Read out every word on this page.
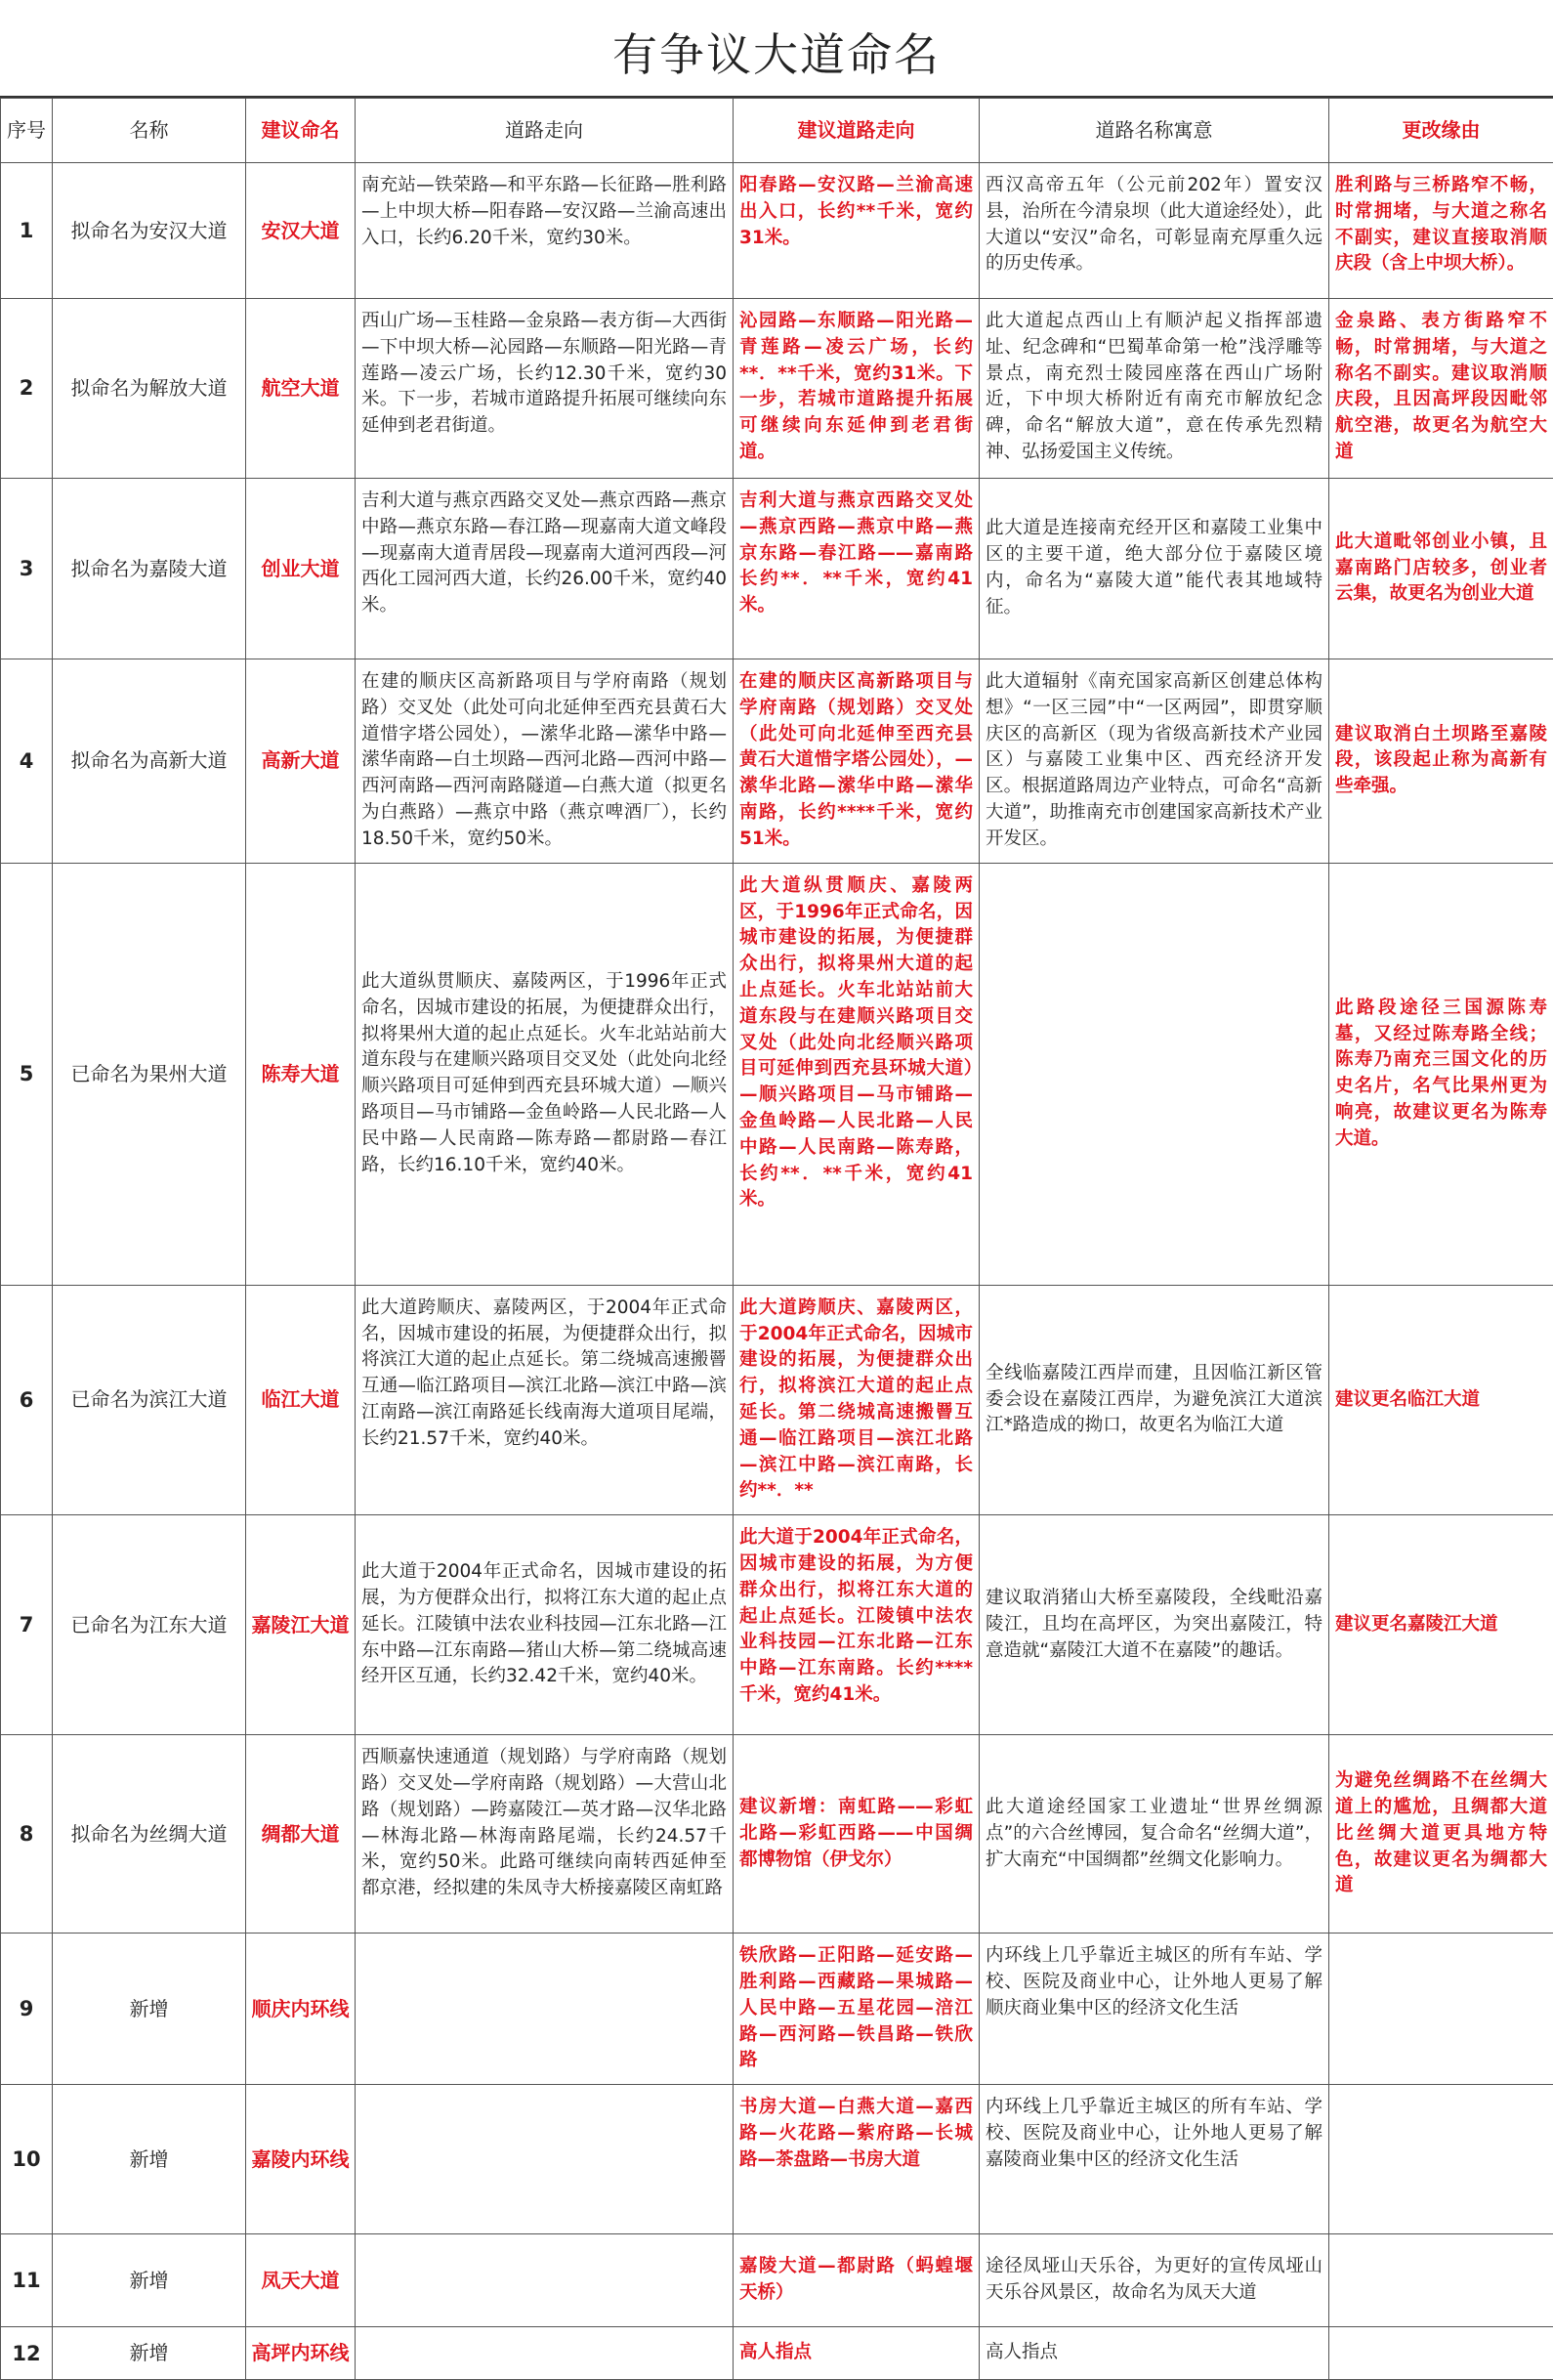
有争议大道命名
序号	名称	建议命名	道路走向	建议道路走向	道路名称寓意	更改缘由
1	拟命名为安汉大道	安汉大道	南充站—铁荣路—和平东路—长征路—胜利路—上中坝大桥—阳春路—安汉路—兰渝高速出入口，长约6.20千米，宽约30米。	阳春路—安汉路—兰渝高速出入口，长约**千米，宽约31米。	西汉高帝五年（公元前202年）置安汉县，治所在今清泉坝（此大道途经处），此大道以“安汉”命名，可彰显南充厚重久远的历史传承。	胜利路与三桥路窄不畅，时常拥堵，与大道之称名不副实，建议直接取消顺庆段（含上中坝大桥）。
2	拟命名为解放大道	航空大道	西山广场—玉桂路—金泉路—表方街—大西街—下中坝大桥—沁园路—东顺路—阳光路—青莲路—凌云广场，长约12.30千米，宽约30米。下一步，若城市道路提升拓展可继续向东延伸到老君街道。	沁园路—东顺路—阳光路—青莲路—凌云广场，长约**．**千米，宽约31米。下一步，若城市道路提升拓展可继续向东延伸到老君街道。	此大道起点西山上有顺泸起义指挥部遗址、纪念碑和“巴蜀革命第一枪”浅浮雕等景点，南充烈士陵园座落在西山广场附近，下中坝大桥附近有南充市解放纪念碑，命名“解放大道”，意在传承先烈精神、弘扬爱国主义传统。	金泉路、表方街路窄不畅，时常拥堵，与大道之称名不副实。建议取消顺庆段，且因高坪段因毗邻航空港，故更名为航空大道
3	拟命名为嘉陵大道	创业大道	吉利大道与燕京西路交叉处—燕京西路—燕京中路—燕京东路—春江路—现嘉南大道文峰段—现嘉南大道青居段—现嘉南大道河西段—河西化工园河西大道，长约26.00千米，宽约40米。	吉利大道与燕京西路交叉处—燕京西路—燕京中路—燕京东路—春江路——嘉南路　长约**．**千米，宽约41米。	此大道是连接南充经开区和嘉陵工业集中区的主要干道，绝大部分位于嘉陵区境内，命名为“嘉陵大道”能代表其地域特征。	此大道毗邻创业小镇，且嘉南路门店较多，创业者云集，故更名为创业大道
4	拟命名为高新大道	高新大道	在建的顺庆区高新路项目与学府南路（规划路）交叉处（此处可向北延伸至西充县黄石大道惜字塔公园处），—潆华北路—潆华中路—潆华南路—白土坝路—西河北路—西河中路—西河南路—西河南路隧道—白燕大道（拟更名为白燕路）—燕京中路（燕京啤酒厂），长约18.50千米，宽约50米。	在建的顺庆区高新路项目与学府南路（规划路）交叉处（此处可向北延伸至西充县黄石大道惜字塔公园处），—潆华北路—潆华中路—潆华南路，长约****千米，宽约51米。	此大道辐射《南充国家高新区创建总体构想》“一区三园”中“一区两园”，即贯穿顺庆区的高新区（现为省级高新技术产业园区）与嘉陵工业集中区、西充经济开发区。根据道路周边产业特点，可命名“高新大道”，助推南充市创建国家高新技术产业开发区。	建议取消白土坝路至嘉陵段，该段起止称为高新有些牵强。
5	已命名为果州大道	陈寿大道	此大道纵贯顺庆、嘉陵两区，于1996年正式命名，因城市建设的拓展，为便捷群众出行，拟将果州大道的起止点延长。火车北站站前大道东段与在建顺兴路项目交叉处（此处向北经顺兴路项目可延伸到西充县环城大道）—顺兴路项目—马市铺路—金鱼岭路—人民北路—人民中路—人民南路—陈寿路—都尉路—春江路，长约16.10千米，宽约40米。	此大道纵贯顺庆、嘉陵两区，于1996年正式命名，因城市建设的拓展，为便捷群众出行，拟将果州大道的起止点延长。火车北站站前大道东段与在建顺兴路项目交叉处（此处向北经顺兴路项目可延伸到西充县环城大道）—顺兴路项目—马市铺路—金鱼岭路—人民北路—人民中路—人民南路—陈寿路，长约**．**千米，宽约41米。		此路段途径三国源陈寿墓，又经过陈寿路全线；陈寿乃南充三国文化的历史名片，名气比果州更为响亮，故建议更名为陈寿大道。
6	已命名为滨江大道	临江大道	此大道跨顺庆、嘉陵两区，于2004年正式命名，因城市建设的拓展，为便捷群众出行，拟将滨江大道的起止点延长。第二绕城高速搬罾互通—临江路项目—滨江北路—滨江中路—滨江南路—滨江南路延长线南海大道项目尾端，长约21.57千米，宽约40米。	此大道跨顺庆、嘉陵两区，于2004年正式命名，因城市建设的拓展，为便捷群众出行，拟将滨江大道的起止点延长。第二绕城高速搬罾互通—临江路项目—滨江北路—滨江中路—滨江南路，长约**．**	全线临嘉陵江西岸而建，且因临江新区管委会设在嘉陵江西岸，为避免滨江大道滨江*路造成的拗口，故更名为临江大道	建议更名临江大道
7	已命名为江东大道	嘉陵江大道	此大道于2004年正式命名，因城市建设的拓展，为方便群众出行，拟将江东大道的起止点延长。江陵镇中法农业科技园—江东北路—江东中路—江东南路—猪山大桥—第二绕城高速经开区互通，长约32.42千米，宽约40米。	此大道于2004年正式命名，因城市建设的拓展，为方便群众出行，拟将江东大道的起止点延长。江陵镇中法农业科技园—江东北路—江东中路—江东南路。长约****千米，宽约41米。	建议取消猪山大桥至嘉陵段，全线毗沿嘉陵江，且均在高坪区，为突出嘉陵江，特意造就“嘉陵江大道不在嘉陵”的趣话。	建议更名嘉陵江大道
8	拟命名为丝绸大道	绸都大道	西顺嘉快速通道（规划路）与学府南路（规划路）交叉处—学府南路（规划路）—大营山北路（规划路）—跨嘉陵江—英才路—汉华北路—林海北路—林海南路尾端，长约24.57千米，宽约50米。此路可继续向南转西延伸至都京港，经拟建的朱凤寺大桥接嘉陵区南虹路	建议新增：南虹路——彩虹北路—彩虹西路——中国绸都博物馆（伊戈尔）	此大道途经国家工业遗址“世界丝绸源点”的六合丝博园，复合命名“丝绸大道”，扩大南充“中国绸都”丝绸文化影响力。	为避免丝绸路不在丝绸大道上的尴尬，且绸都大道比丝绸大道更具地方特色，故建议更名为绸都大道
9	新增	顺庆内环线		铁欣路—正阳路—延安路—胜利路—西藏路—果城路—人民中路—五星花园—涪江路—西河路—铁昌路—铁欣路	内环线上几乎靠近主城区的所有车站、学校、医院及商业中心，让外地人更易了解顺庆商业集中区的经济文化生活	
10	新增	嘉陵内环线		书房大道—白燕大道—嘉西路—火花路—紫府路—长城路—茶盘路—书房大道	内环线上几乎靠近主城区的所有车站、学校、医院及商业中心，让外地人更易了解嘉陵商业集中区的经济文化生活	
11	新增	凤天大道		嘉陵大道—都尉路（蚂蝗堰天桥）	途径凤垭山天乐谷，为更好的宣传凤垭山天乐谷风景区，故命名为凤天大道	
12	新增	高坪内环线		高人指点	高人指点	
